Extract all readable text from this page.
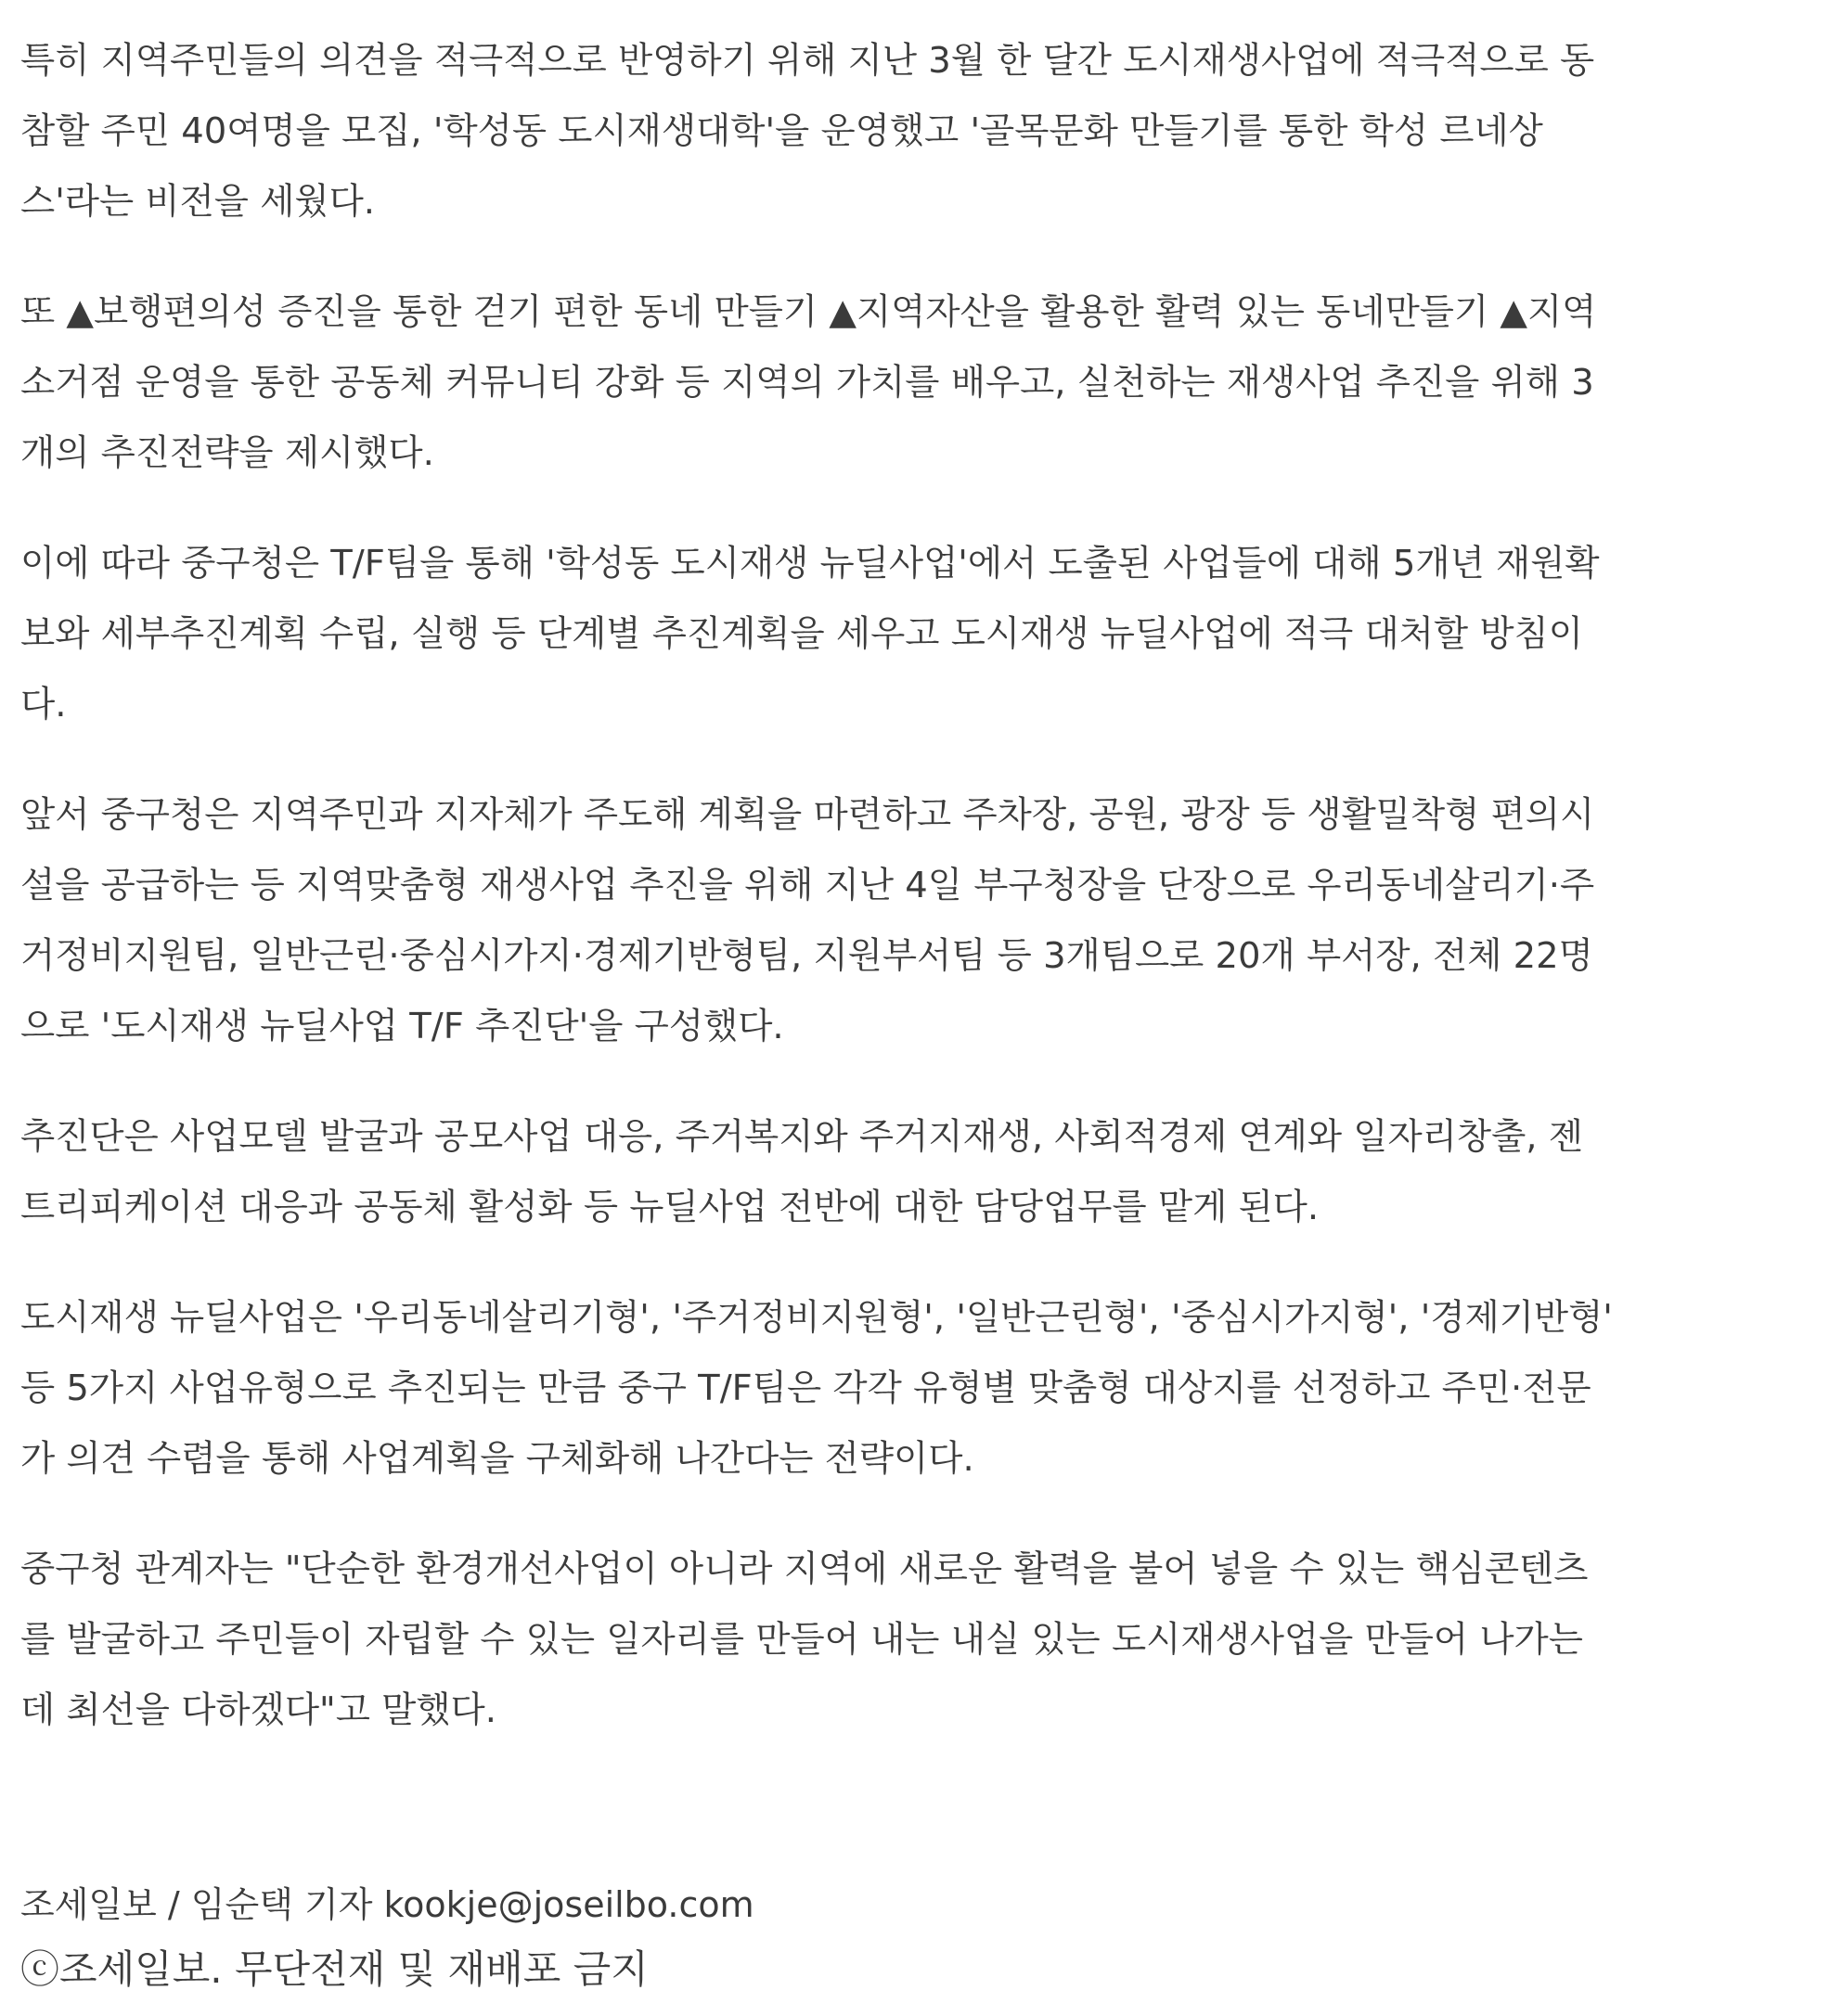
특히 지역주민들의 의견을 적극적으로 반영하기 위해 지난 3월 한 달간 도시재생사업에 적극적으로 동
참할 주민 40여명을 모집, '학성동 도시재생대학'을 운영했고 '골목문화 만들기를 통한 학성 르네상
스'라는 비전을 세웠다.

또 ▲보행편의성 증진을 통한 걷기 편한 동네 만들기 ▲지역자산을 활용한 활력 있는 동네만들기 ▲지역
소거점 운영을 통한 공동체 커뮤니티 강화 등 지역의 가치를 배우고, 실천하는 재생사업 추진을 위해 3
개의 추진전략을 제시했다.

이에 따라 중구청은 T/F팀을 통해 '학성동 도시재생 뉴딜사업'에서 도출된 사업들에 대해 5개년 재원확
보와 세부추진계획 수립, 실행 등 단계별 추진계획을 세우고 도시재생 뉴딜사업에 적극 대처할 방침이
다.

앞서 중구청은 지역주민과 지자체가 주도해 계획을 마련하고 주차장, 공원, 광장 등 생활밀착형 편의시
설을 공급하는 등 지역맞춤형 재생사업 추진을 위해 지난 4일 부구청장을 단장으로 우리동네살리기·주
거정비지원팀, 일반근린·중심시가지·경제기반형팀, 지원부서팀 등 3개팀으로 20개 부서장, 전체 22명
으로 '도시재생 뉴딜사업 T/F 추진단'을 구성했다.

추진단은 사업모델 발굴과 공모사업 대응, 주거복지와 주거지재생, 사회적경제 연계와 일자리창출, 젠
트리피케이션 대응과 공동체 활성화 등 뉴딜사업 전반에 대한 담당업무를 맡게 된다.

도시재생 뉴딜사업은 '우리동네살리기형', '주거정비지원형', '일반근린형', '중심시가지형', '경제기반형'
등 5가지 사업유형으로 추진되는 만큼 중구 T/F팀은 각각 유형별 맞춤형 대상지를 선정하고 주민·전문
가 의견 수렴을 통해 사업계획을 구체화해 나간다는 전략이다.

중구청 관계자는 "단순한 환경개선사업이 아니라 지역에 새로운 활력을 불어 넣을 수 있는 핵심콘텐츠
를 발굴하고 주민들이 자립할 수 있는 일자리를 만들어 내는 내실 있는 도시재생사업을 만들어 나가는
데 최선을 다하겠다"고 말했다.

조세일보 / 임순택 기자 kookje@joseilbo.com
ⓒ조세일보. 무단전재 및 재배포 금지
